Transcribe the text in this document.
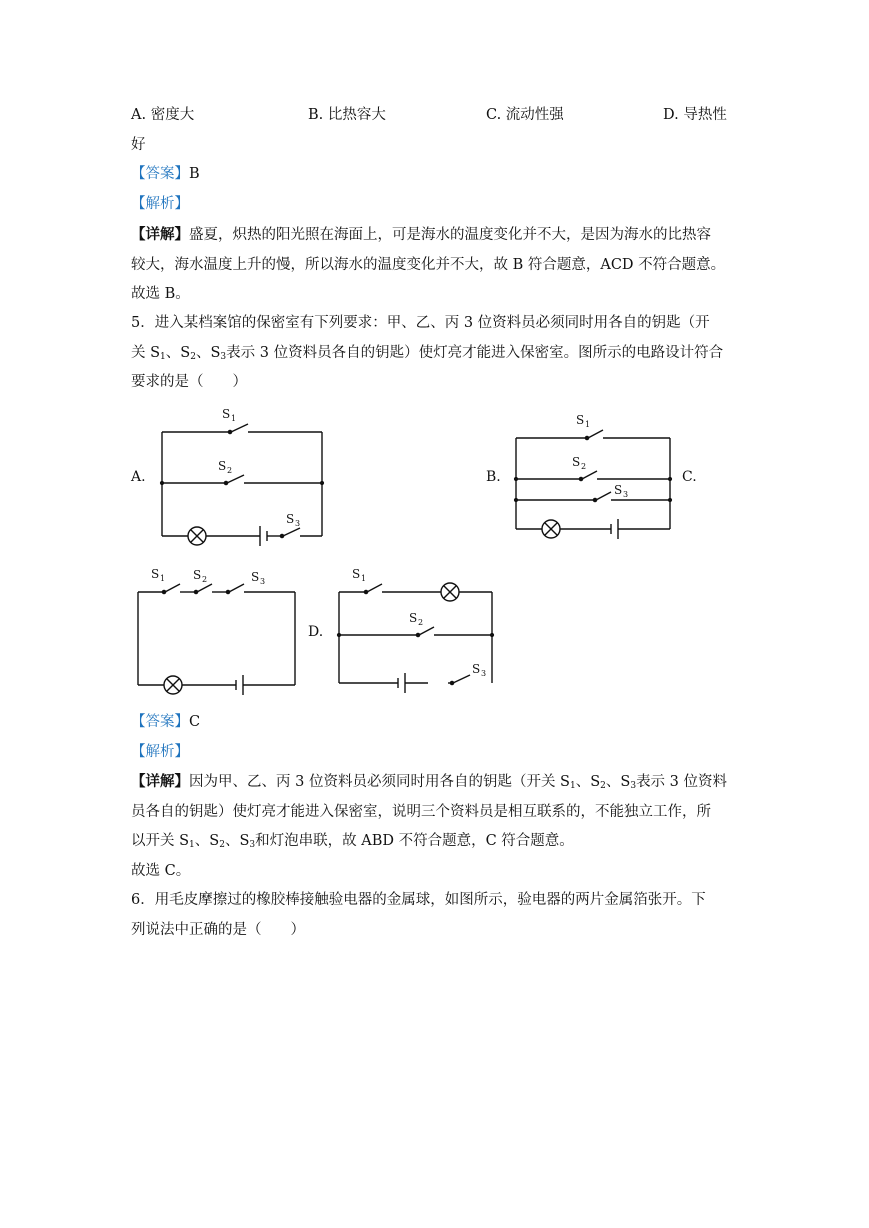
A. 密度大	B. 比热容大	C. 流动性强	D. 导热性
好
【答案】B
【解析】
【详解】盛夏，炽热的阳光照在海面上，可是海水的温度变化并不大，是因为海水的比热容
较大，海水温度上升的慢，所以海水的温度变化并不大，故 B 符合题意，ACD 不符合题意。
故选 B。
5．进入某档案馆的保密室有下列要求：甲、乙、丙 3 位资料员必须同时用各自的钥匙（开
关 $S_1$、$S_2$、$S_3$表示 3 位资料员各自的钥匙）使灯亮才能进入保密室。图所示的电路设计符合
要求的是（　　）
A.	B.	C.
D.
S 1
S 2
S 3
S 1
S 2
S 3
S 1 S 2	S 3
S 1
S 2
S 3
【答案】C
【解析】
【详解】因为甲、乙、丙 3 位资料员必须同时用各自的钥匙（开关 $S_1$、$S_2$、$S_3$表示 3 位资料
员各自的钥匙）使灯亮才能进入保密室，说明三个资料员是相互联系的，不能独立工作，所
以开关 $S_1$、$S_2$、$S_3$和灯泡串联，故 ABD 不符合题意，C 符合题意。
故选 C。
6．用毛皮摩擦过的橡胶棒接触验电器的金属球，如图所示，验电器的两片金属箔张开。下
列说法中正确的是（　　）
